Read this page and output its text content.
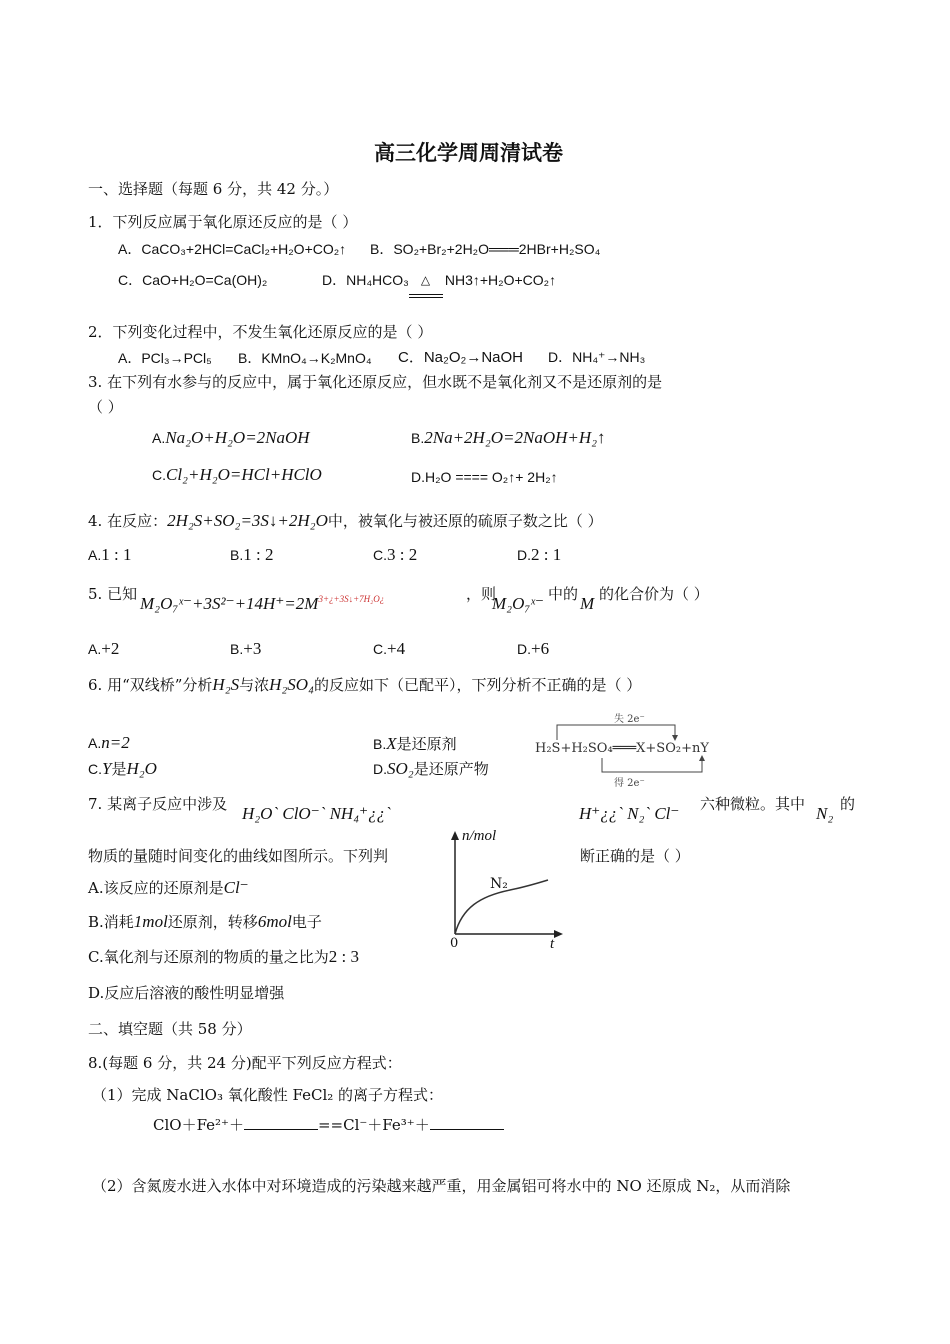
高三化学周周清试卷
一、选择题（每题 6 分，共 42 分。）
1．下列反应属于氧化原还反应的是（ ）
A．CaCO₃+2HCl=CaCl₂+H₂O+CO₂↑ B．SO₂+Br₂+2H₂O═══2HBr+H₂SO₄
C．CaO+H₂O=Ca(OH)₂	D．NH₄HCO₃ △ NH3↑+H₂O+CO₂↑
2．下列变化过程中，不发生氧化还原反应的是（ ）
A．PCl₃→PCl₅ B．KMnO₄→K₂MnO₄ C．Na₂O₂→NaOH D．NH₄⁺→NH₃
3. 在下列有水参与的反应中，属于氧化还原反应，但水既不是氧化剂又不是还原剂的是
（ ）
A.Na₂O+H₂O=2NaOH	B.2Na+2H₂O=2NaOH+H₂↑
C.Cl₂+H₂O=HCl+HClO	D.H₂O ==== O₂↑+ 2H₂↑
4. 在反应：2H₂S+SO₂=3S↓+2H₂O中，被氧化与被还原的硫原子数之比（ ）
A.1 : 1	B.1 : 2	C.3 : 2	D.2 : 1
5. 已知 $M_2O_7ˣ^-+3S^{2-}+14H^+=2M^{3+¿+3S↓+7H_2O¿}$	，则
M₂O₇ˣ⁻ 中的 M 的化合价为（ ）
A.+2	B.+3	C.+4	D.+6
6. 用“双线桥”分析H₂S与浓H₂SO₄的反应如下（已配平），下列分析不正确的是（ ）
A.n=2	B.X是还原剂
C.Y是H₂O	D.SO₂是还原产物
失 2e⁻
H₂S+H₂SO₄═══X+SO₂+nY
得 2e⁻
7. 某离子反应中涉及 H₂O` ClO⁻` NH₄⁺¿¿`	H⁺¿¿` N₂` Cl⁻ 六种微粒。其中 N₂ 的
物质的量随时间变化的曲线如图所示。下列判	断正确的是（ ）
A.该反应的还原剂是Cl⁻
B.消耗1mol还原剂，转移6mol电子
C.氧化剂与还原剂的物质的量之比为2 : 3
D.反应后溶液的酸性明显增强
n/mol
t
0
N₂
二、填空题（共 58 分）
8.(每题 6 分，共 24 分)配平下列反应方程式：
（1）完成 NaClO₃ 氧化酸性 FeCl₂ 的离子方程式：
ClO＋Fe²⁺＋	==Cl⁻＋Fe³⁺＋
（2）含氮废水进入水体中对环境造成的污染越来越严重，用金属铝可将水中的 NO 还原成 N₂，从而消除
